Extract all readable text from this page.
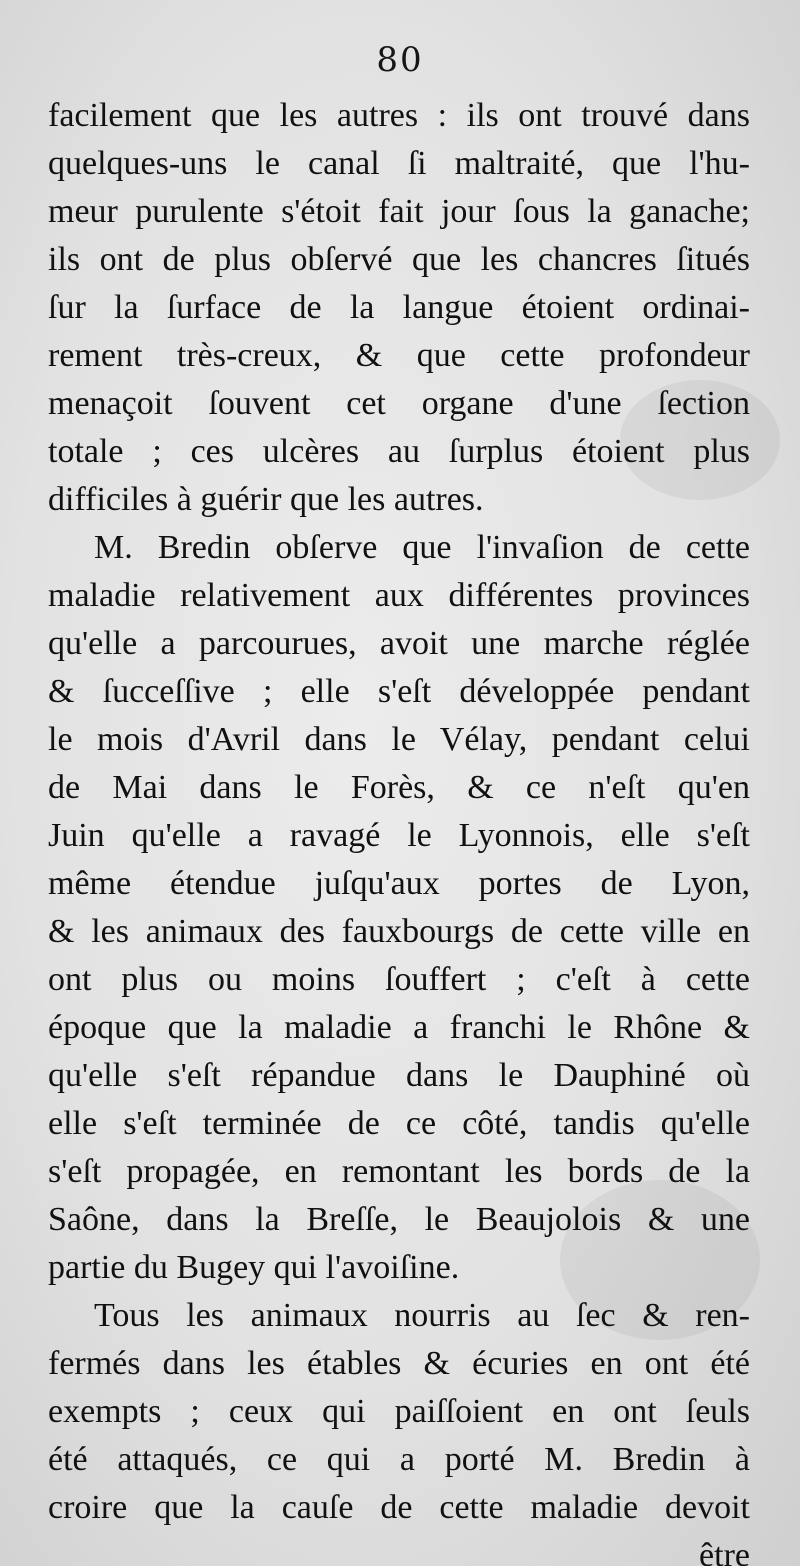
80
facilement que les autres : ils ont trouvé dans
quelques-uns le canal ſi maltraité, que l'hu-
meur purulente s'étoit fait jour ſous la ganache;
ils ont de plus obſervé que les chancres ſitués
ſur la ſurface de la langue étoient ordinai-
rement très-creux, & que cette profondeur
menaçoit ſouvent cet organe d'une ſection
totale ; ces ulcères au ſurplus étoient plus
difficiles à guérir que les autres.
M. Bredin obſerve que l'invaſion de cette
maladie relativement aux différentes provinces
qu'elle a parcourues, avoit une marche réglée
& ſucceſſive ; elle s'eſt développée pendant
le mois d'Avril dans le Vélay, pendant celui
de Mai dans le Forès, & ce n'eſt qu'en
Juin qu'elle a ravagé le Lyonnois, elle s'eſt
même étendue juſqu'aux portes de Lyon,
& les animaux des fauxbourgs de cette ville en
ont plus ou moins ſouffert ; c'eſt à cette
époque que la maladie a franchi le Rhône &
qu'elle s'eſt répandue dans le Dauphiné où
elle s'eſt terminée de ce côté, tandis qu'elle
s'eſt propagée, en remontant les bords de la
Saône, dans la Breſſe, le Beaujolois & une
partie du Bugey qui l'avoiſine.
Tous les animaux nourris au ſec & ren-
fermés dans les étables & écuries en ont été
exempts ; ceux qui paiſſoient en ont ſeuls
été attaqués, ce qui a porté M. Bredin à
croire que la cauſe de cette maladie devoit
être
